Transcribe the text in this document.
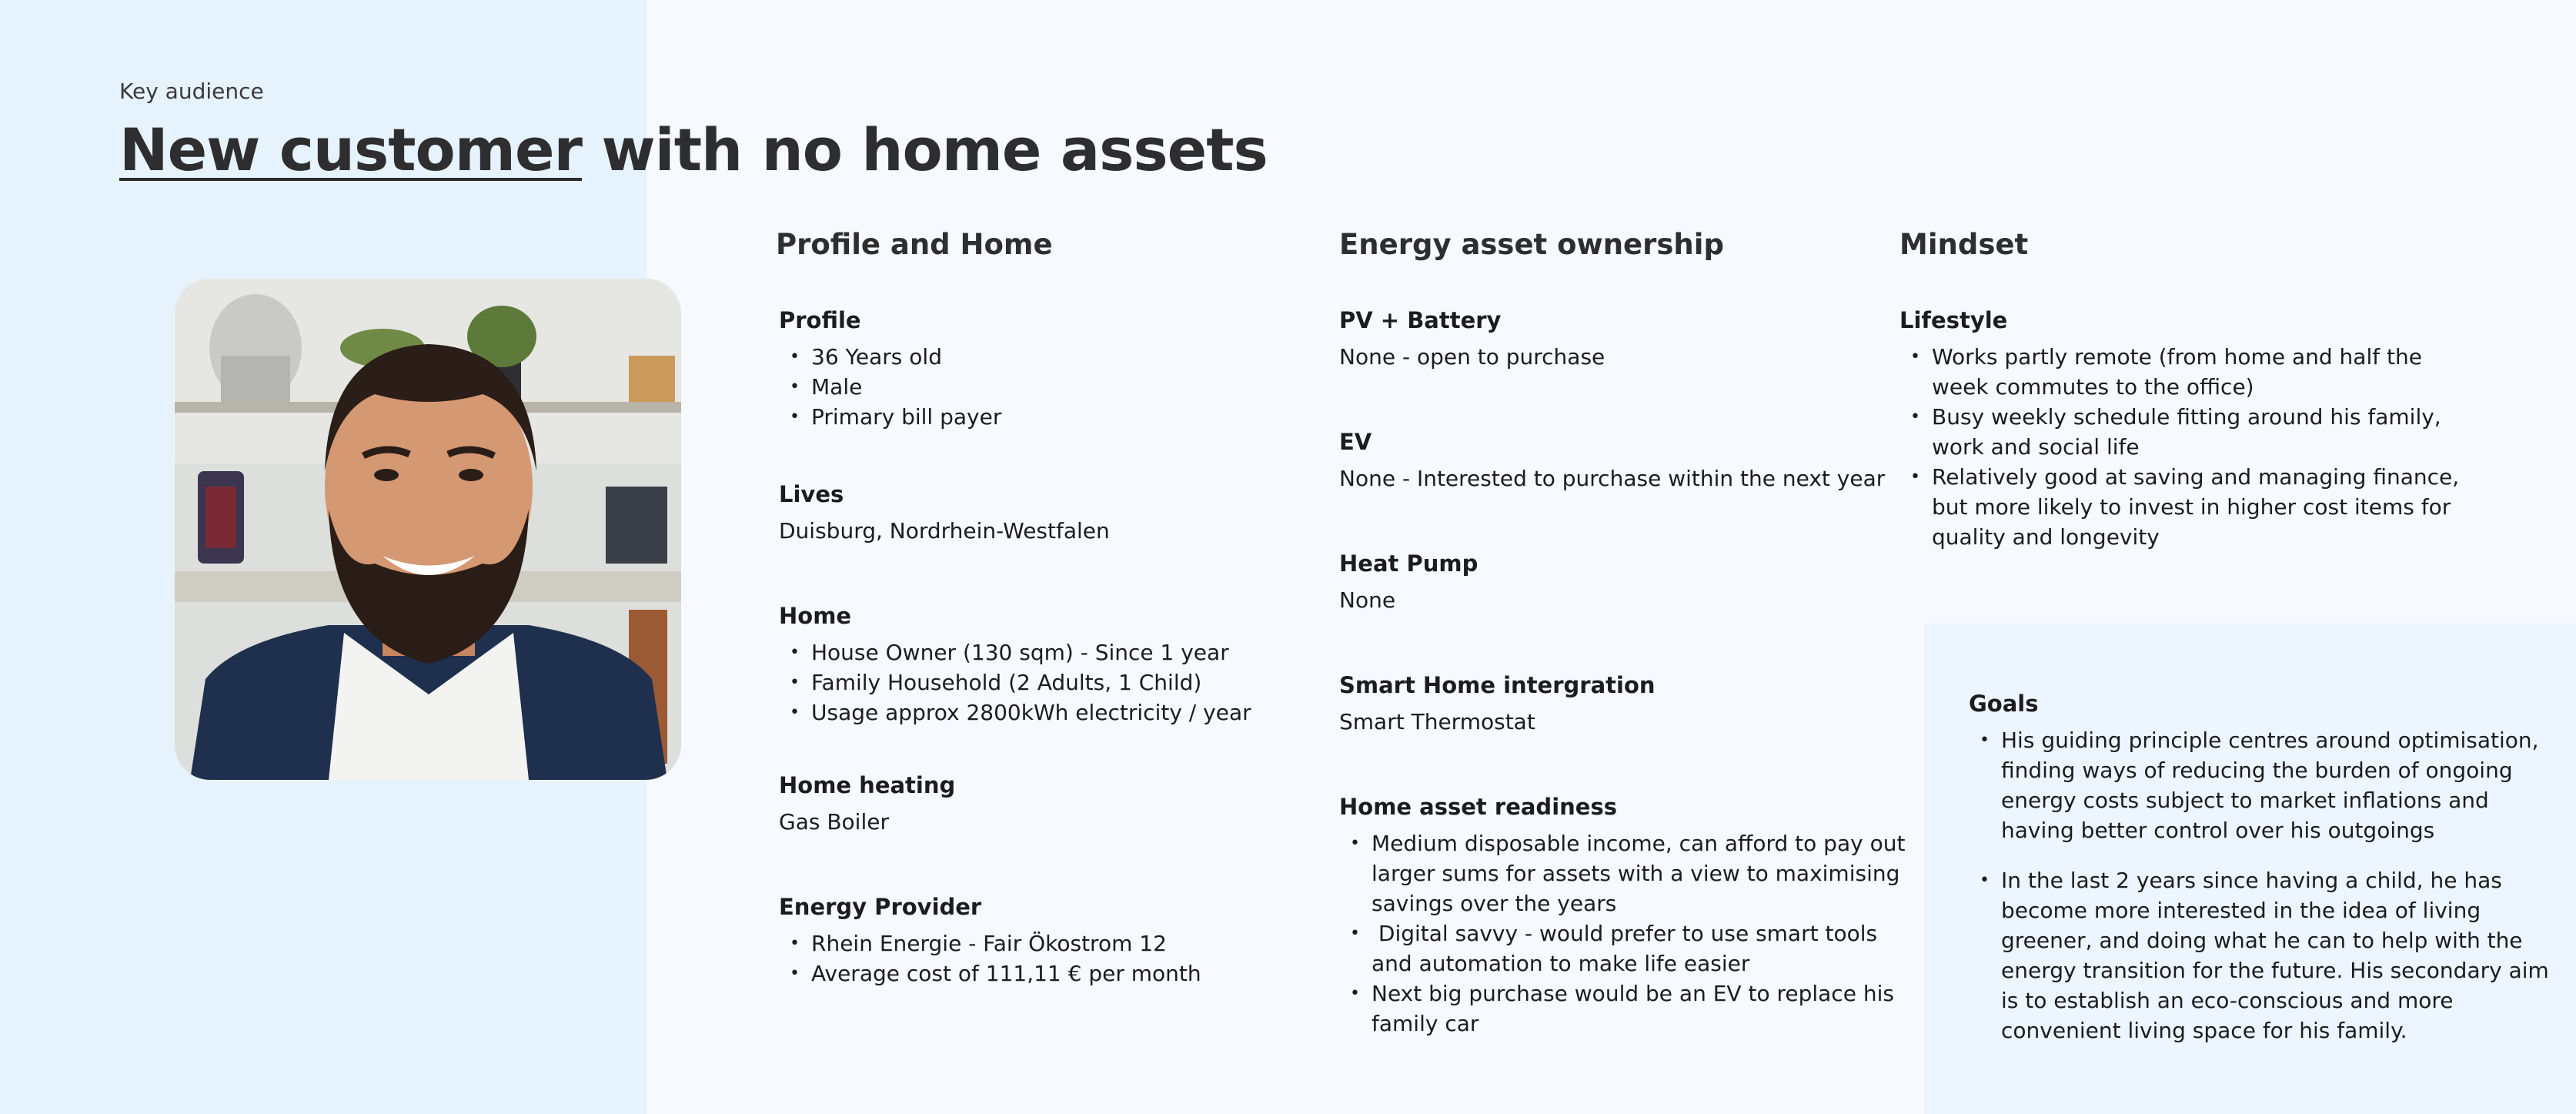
Key audience
New customer with no home assets
Profile and Home
Profile
• 36 Years old
• Male
• Primary bill payer
Lives
Duisburg, Nordrhein-Westfalen
Home
• House Owner (130 sqm) - Since 1 year
• Family Household (2 Adults, 1 Child)
• Usage approx 2800kWh electricity / year
Home heating
Gas Boiler
Energy Provider
• Rhein Energie - Fair Ökostrom 12
• Average cost of 111,11 € per month
Energy asset ownership
PV + Battery
None - open to purchase
EV
None - Interested to purchase within the next year
Heat Pump
None
Smart Home intergration
Smart Thermostat
Home asset readiness
• Medium disposable income, can afford to pay out
larger sums for assets with a view to maximising
savings over the years
•  Digital savvy - would prefer to use smart tools
and automation to make life easier
• Next big purchase would be an EV to replace his
family car
Mindset
Lifestyle
• Works partly remote (from home and half the
week commutes to the office)
• Busy weekly schedule fitting around his family,
work and social life
• Relatively good at saving and managing finance,
but more likely to invest in higher cost items for
quality and longevity
Goals
• His guiding principle centres around optimisation,
finding ways of reducing the burden of ongoing
energy costs subject to market inflations and
having better control over his outgoings
• In the last 2 years since having a child, he has
become more interested in the idea of living
greener, and doing what he can to help with the
energy transition for the future. His secondary aim
is to establish an eco-conscious and more
convenient living space for his family.
